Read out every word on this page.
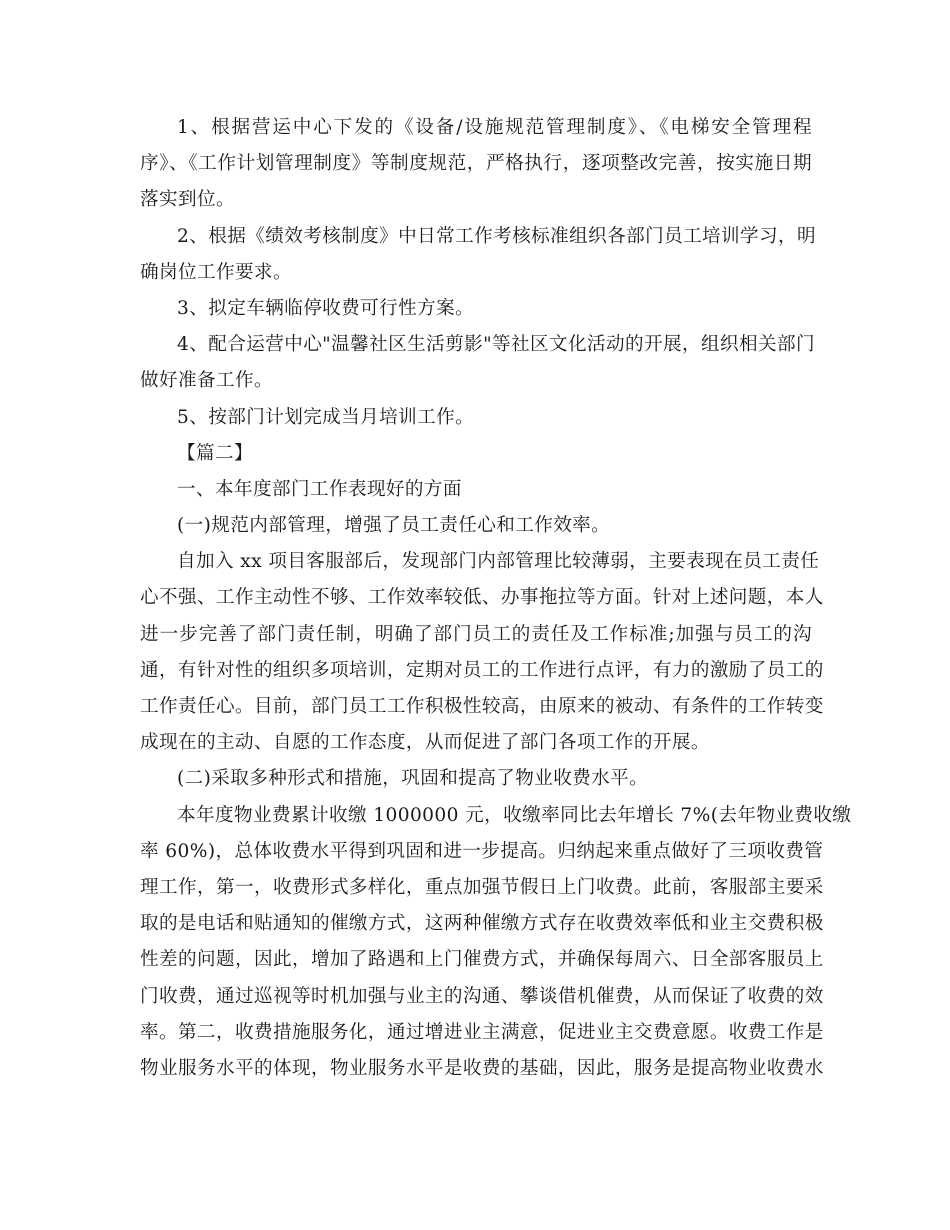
1、根据营运中心下发的《设备/设施规范管理制度》、《电梯安全管理程
序》、《工作计划管理制度》等制度规范，严格执行，逐项整改完善，按实施日期
落实到位。
2、根据《绩效考核制度》中日常工作考核标准组织各部门员工培训学习，明
确岗位工作要求。
3、拟定车辆临停收费可行性方案。
4、配合运营中心"温馨社区生活剪影"等社区文化活动的开展，组织相关部门
做好准备工作。
5、按部门计划完成当月培训工作。
【篇二】
一、本年度部门工作表现好的方面
(一)规范内部管理，增强了员工责任心和工作效率。
自加入 xx 项目客服部后，发现部门内部管理比较薄弱，主要表现在员工责任
心不强、工作主动性不够、工作效率较低、办事拖拉等方面。针对上述问题，本人
进一步完善了部门责任制，明确了部门员工的责任及工作标准;加强与员工的沟
通，有针对性的组织多项培训，定期对员工的工作进行点评，有力的激励了员工的
工作责任心。目前，部门员工工作积极性较高，由原来的被动、有条件的工作转变
成现在的主动、自愿的工作态度，从而促进了部门各项工作的开展。
(二)采取多种形式和措施，巩固和提高了物业收费水平。
本年度物业费累计收缴 1000000 元，收缴率同比去年增长 7%(去年物业费收缴
率 60%)，总体收费水平得到巩固和进一步提高。归纳起来重点做好了三项收费管
理工作，第一，收费形式多样化，重点加强节假日上门收费。此前，客服部主要采
取的是电话和贴通知的催缴方式，这两种催缴方式存在收费效率低和业主交费积极
性差的问题，因此，增加了路遇和上门催费方式，并确保每周六、日全部客服员上
门收费，通过巡视等时机加强与业主的沟通、攀谈借机催费，从而保证了收费的效
率。第二，收费措施服务化，通过增进业主满意，促进业主交费意愿。收费工作是
物业服务水平的体现，物业服务水平是收费的基础，因此，服务是提高物业收费水
